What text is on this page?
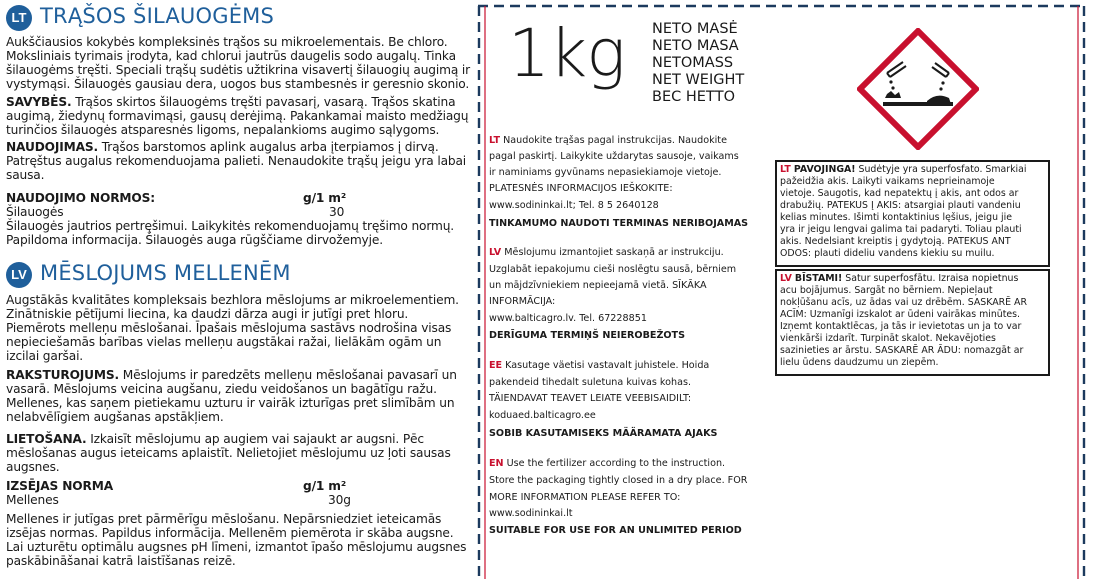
LT TRĄŠOS ŠILAUOGĖMS
Aukščiausios kokybės kompleksinės trąšos su mikroelementais. Be chloro.
Moksliniais tyrimais įrodyta, kad chlorui jautrūs daugelis sodo augalų. Tinka
šilauogėms tręšti. Speciali trąšų sudėtis užtikrina visavertį šilauogių augimą ir
vystymąsi. Šilauogės gausiau dera, uogos bus stambesnės ir geresnio skonio.
SAVYBĖS. Trąšos skirtos šilauogėms tręšti pavasarį, vasarą. Trąšos skatina
augimą, žiedynų formavimąsi, gausų derėjimą. Pakankamai maisto medžiagų
turinčios šilauogės atsparesnės ligoms, nepalankioms augimo sąlygoms.
NAUDOJIMAS. Trąšos barstomos aplink augalus arba įterpiamos į dirvą.
Patręštus augalus rekomenduojama palieti. Nenaudokite trąšų jeigu yra labai
sausa.
NAUDOJIMO NORMOS:	g/1 m²
Šilauogės	30
Šilauogės jautrios pertręšimui. Laikykitės rekomenduojamų tręšimo normų.
Papildoma informacija. Šilauogės auga rūgščiame dirvožemyje.
LV MĒSLOJUMS MELLENĒM
Augstākās kvalitātes kompleksais bezhlora mēslojums ar mikroelementiem.
Zinātniskie pētījumi liecina, ka daudzi dārza augi ir jutīgi pret hloru.
Piemērots melleņu mēslošanai. Īpašais mēslojuma sastāvs nodrošina visas
nepieciešamās barības vielas melleņu augstākai ražai, lielākām ogām un
izcilai garšai.
RAKSTUROJUMS. Mēslojums ir paredzēts melleņu mēslošanai pavasarī un
vasarā. Mēslojums veicina augšanu, ziedu veidošanos un bagātīgu ražu.
Mellenes, kas saņem pietiekamu uzturu ir vairāk izturīgas pret slimībām un
nelabvēlīgiem augšanas apstākļiem.
LIETOŠANA. Izkaisīt mēslojumu ap augiem vai sajaukt ar augsni. Pēc
mēslošanas augus ieteicams aplaistīt. Nelietojiet mēslojumu uz ļoti sausas
augsnes.
IZSĒJAS NORMA	g/1 m²
Mellenes	30g
Mellenes ir jutīgas pret pārmērīgu mēslošanu. Nepārsniedziet ieteicamās
izsējas normas. Papildus informācija. Mellenēm piemērota ir skāba augsne.
Lai uzturētu optimālu augsnes pH līmeni, izmantot īpašo mēslojumu augsnes
paskābināšanai katrā laistīšanas reizē.
1kg NETO MASĖ
NETO MASA
NETOMASS
NET WEIGHT
ВЕС НЕТТО
LT Naudokite trąšas pagal instrukcijas. Naudokite
pagal paskirtį. Laikykite uždarytas sausoje, vaikams
ir naminiams gyvūnams nepasiekiamoje vietoje.
PLATESNĖS INFORMACIJOS IEŠKOKITE:
www.sodininkai.lt; Tel. 8 5 2640128
TINKAMUMO NAUDOTI TERMINAS NERIBOJAMAS
LV Mēslojumu izmantojiet saskaņā ar instrukciju.
Uzglabāt iepakojumu cieši noslēgtu sausā, bērniem
un mājdzīvniekiem nepieejamā vietā. SĪKĀKA
INFORMĀCIJA:
www.balticagro.lv. Tel. 67228851
DERĪGUMA TERMIŅŠ NEIEROBEŽOTS
EE Kasutage väetisi vastavalt juhistele. Hoida
pakendeid tihedalt suletuna kuivas kohas.
TÄIENDAVAT TEAVET LEIATE VEEBISAIDILT:
koduaed.balticagro.ee
SOBIB KASUTAMISEKS MÄÄRAMATA AJAKS
EN Use the fertilizer according to the instruction.
Store the packaging tightly closed in a dry place. FOR
MORE INFORMATION PLEASE REFER TO:
www.sodininkai.lt
SUITABLE FOR USE FOR AN UNLIMITED PERIOD
LT PAVOJINGA! Sudėtyje yra superfosfato. Smarkiai
pažeidžia akis. Laikyti vaikams neprieinamoje
vietoje. Saugotis, kad nepatektų į akis, ant odos ar
drabužių. PATEKUS Į AKIS: atsargiai plauti vandeniu
kelias minutes. Išimti kontaktinius lęšius, jeigu jie
yra ir jeigu lengvai galima tai padaryti. Toliau plauti
akis. Nedelsiant kreiptis į gydytoją. PATEKUS ANT
ODOS: plauti dideliu vandens kiekiu su muilu.
LV BĪSTAMI! Satur superfosfātu. Izraisa nopietnus
acu bojājumus. Sargāt no bērniem. Nepieļaut
nokļūšanu acīs, uz ādas vai uz drēbēm. SASKARĒ AR
ACĪM: Uzmanīgi izskalot ar ūdeni vairākas minūtes.
Izņemt kontaktlēcas, ja tās ir ievietotas un ja to var
vienkārši izdarīt. Turpināt skalot. Nekavējoties
sazinieties ar ārstu. SASKARĒ AR ĀDU: nomazgāt ar
lielu ūdens daudzumu un ziepēm.
